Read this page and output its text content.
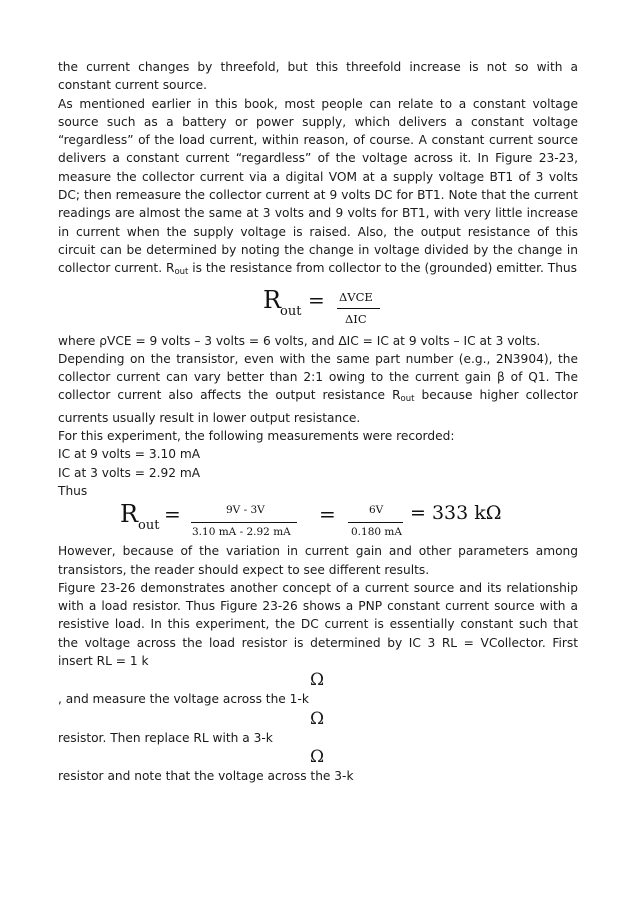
the current changes by threefold, but this threefold increase is not so with a constant current source.

As mentioned earlier in this book, most people can relate to a constant voltage source such as a battery or power supply, which delivers a constant voltage “regardless” of the load current, within reason, of course. A constant current source delivers a constant current “regardless” of the voltage across it. In Figure 23-23, measure the collector current via a digital VOM at a supply voltage BT1 of 3 volts DC; then remeasure the collector current at 9 volts DC for BT1. Note that the current readings are almost the same at 3 volts and 9 volts for BT1, with very little increase in current when the supply voltage is raised. Also, the output resistance of this circuit can be determined by noting the change in voltage divided by the change in collector current. Rout is the resistance from collector to the (grounded) emitter. Thus

R
out = ΔVCE
ΔIC

where ρVCE = 9 volts – 3 volts = 6 volts, and ΔIC = IC at 9 volts – IC at 3 volts.

Depending on the transistor, even with the same part number (e.g., 2N3904), the collector current can vary better than 2:1 owing to the current gain β of Q1. The collector current also affects the output resistance Rout because higher collector currents usually result in lower output resistance.

For this experiment, the following measurements were recorded:

IC at 9 volts = 3.10 mA

IC at 3 volts = 2.92 mA

Thus

R out =	9V - 3V
3.10 mA - 2.92 mA
=	6V
0.180 mA
= 333 kΩ

However, because of the variation in current gain and other parameters among transistors, the reader should expect to see different results.

Figure 23-26 demonstrates another concept of a current source and its relationship with a load resistor. Thus Figure 23-26 shows a PNP constant current source with a resistive load. In this experiment, the DC current is essentially constant such that the voltage across the load resistor is determined by IC 3 RL = VCollector. First insert RL = 1 k

Ω

, and measure the voltage across the 1-k

Ω

resistor. Then replace RL with a 3-k

Ω

resistor and note that the voltage across the 3-k
